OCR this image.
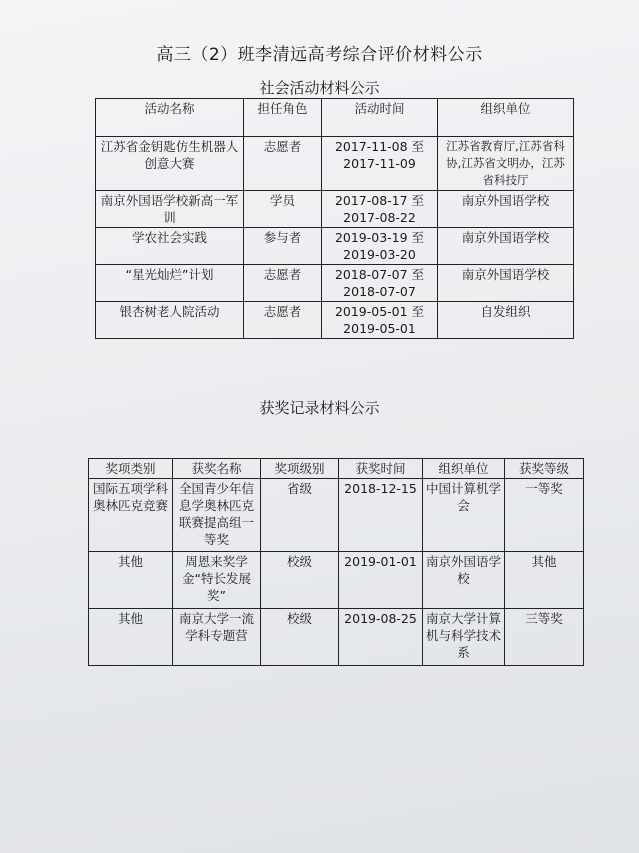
高三（2）班李清远高考综合评价材料公示
社会活动材料公示
活动名称	担任角色	活动时间	组织单位
江苏省金钥匙仿生机器人创意大赛	志愿者	2017-11-08 至 2017-11-09	江苏省教育厅,江苏省科协,江苏省文明办，江苏省科技厅
南京外国语学校新高一军训	学员	2017-08-17 至 2017-08-22	南京外国语学校
学农社会实践	参与者	2019-03-19 至 2019-03-20	南京外国语学校
“星光灿烂”计划	志愿者	2018-07-07 至 2018-07-07	南京外国语学校
银杏树老人院活动	志愿者	2019-05-01 至 2019-05-01	自发组织
获奖记录材料公示
奖项类别	获奖名称	奖项级别	获奖时间	组织单位	获奖等级
国际五项学科奥林匹克竞赛	全国青少年信息学奥林匹克联赛提高组一等奖	省级	2018-12-15	中国计算机学会	一等奖
其他	周恩来奖学金“特长发展奖”	校级	2019-01-01	南京外国语学校	其他
其他	南京大学一流学科专题营	校级	2019-08-25	南京大学计算机与科学技术系	三等奖
